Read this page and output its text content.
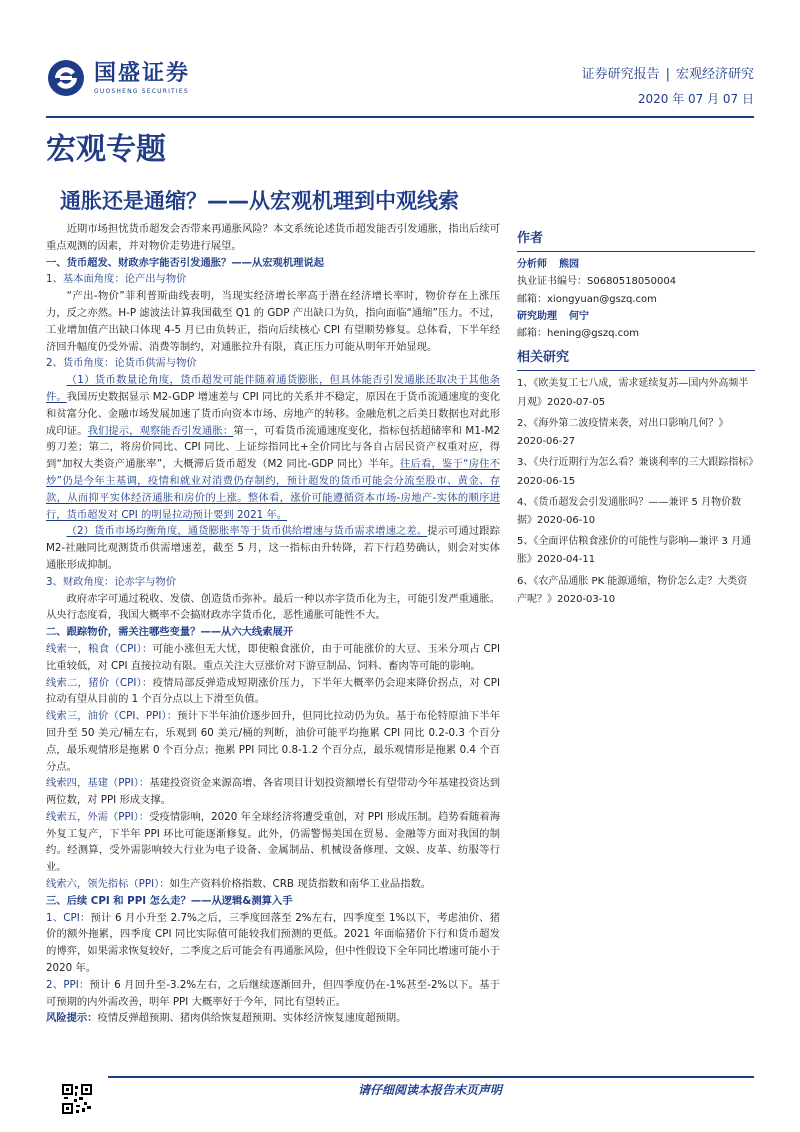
国盛证券
GUOSHENG SECURITIES
证券研究报告 | 宏观经济研究
2020 年 07 月 07 日
宏观专题
通胀还是通缩？——从宏观机理到中观线索

近期市场担忧货币超发会否带来再通胀风险？本文系统论述货币超发能否引发通胀，指出后续可重点观测的因素，并对物价走势进行展望。

一、货币超发、财政赤字能否引发通胀？——从宏观机理说起

1、基本面角度：论产出与物价

“产出-物价”菲利普斯曲线表明，当现实经济增长率高于潜在经济增长率时，物价存在上涨压力，反之亦然。H-P 滤波法计算我国截至 Q1 的 GDP 产出缺口为负，指向面临“通缩”压力。不过，工业增加值产出缺口体现 4-5 月已由负转正，指向后续核心 CPI 有望顺势修复。总体看，下半年经济回升幅度仍受外需、消费等制约，对通胀拉升有限，真正压力可能从明年开始显现。

2、货币角度：论货币供需与物价

（1）货币数量论角度，货币超发可能伴随着通货膨胀，但具体能否引发通胀还取决于其他条件。我国历史数据显示 M2-GDP 增速差与 CPI 同比的关系并不稳定，原因在于货币流通速度的变化和贫富分化、金融市场发展加速了货币向资本市场、房地产的转移。金融危机之后美日数据也对此形成印证。我们提示，观察能否引发通胀：第一，可看货币流通速度变化，指标包括超储率和 M1-M2 剪刀差；第二，将房价同比、CPI 同比、上证综指同比+全价同比与各自占居民资产权重对应，得到“加权大类资产通胀率”，大概滞后货币超发（M2 同比-GDP 同比）半年。往后看，鉴于“房住不炒”仍是今年主基调，疫情和就业对消费仍存制约，预计超发的货币可能会分流至股市、黄金、存款，从而抑平实体经济通胀和房价的上涨。整体看，涨价可能遵循资本市场-房地产-实体的顺序进行，货币超发对 CPI 的明显拉动预计要到 2021 年。

（2）货币市场均衡角度，通货膨胀率等于货币供给增速与货币需求增速之差。提示可通过跟踪 M2-社融同比观测货币供需增速差，截至 5 月，这一指标由升转降，若下行趋势确认，则会对实体通胀形成抑制。

3、财政角度：论赤字与物价

政府赤字可通过税收、发债、创造货币弥补。最后一种以赤字货币化为主，可能引发严重通胀。从央行态度看，我国大概率不会搞财政赤字货币化，恶性通胀可能性不大。

二、跟踪物价，需关注哪些变量？——从六大线索展开

线索一，粮食（CPI）：可能小涨但无大忧，即使粮食涨价，由于可能涨价的大豆、玉米分项占 CPI 比重较低，对 CPI 直接拉动有限。重点关注大豆涨价对下游豆制品、饲料、畜肉等可能的影响。

线索二，猪价（CPI）：疫情局部反弹造成短期涨价压力，下半年大概率仍会迎来降价拐点，对 CPI 拉动有望从目前的 1 个百分点以上下滑至负值。

线索三，油价（CPI、PPI）：预计下半年油价逐步回升，但同比拉动仍为负。基于布伦特原油下半年回升至 50 美元/桶左右，乐观到 60 美元/桶的判断，油价可能平均拖累 CPI 同比 0.2-0.3 个百分点，最乐观情形是拖累 0 个百分点；拖累 PPI 同比 0.8-1.2 个百分点，最乐观情形是拖累 0.4 个百分点。

线索四，基建（PPI）：基建投资资金来源高增、各省项目计划投资额增长有望带动今年基建投资达到两位数，对 PPI 形成支撑。

线索五，外需（PPI）：受疫情影响，2020 年全球经济将遭受重创，对 PPI 形成压制。趋势看随着海外复工复产，下半年 PPI 环比可能逐渐修复。此外，仍需警惕美国在贸易、金融等方面对我国的制约。经测算，受外需影响较大行业为电子设备、金属制品、机械设备修理、文娱、皮革、纺服等行业。

线索六，领先指标（PPI）：如生产资料价格指数、CRB 现货指数和南华工业品指数。

三、后续 CPI 和 PPI 怎么走？——从逻辑&测算入手

1、CPI：预计 6 月小升至 2.7%之后，三季度回落至 2%左右，四季度至 1%以下，考虑油价、猪价的额外拖累，四季度 CPI 同比实际值可能较我们预测的更低。2021 年面临猪价下行和货币超发的博弈，如果需求恢复较好，二季度之后可能会有再通胀风险，但中性假设下全年同比增速可能小于 2020 年。

2、PPI：预计 6 月回升至-3.2%左右，之后继续逐渐回升，但四季度仍在-1%甚至-2%以下。基于可预期的内外需改善，明年 PPI 大概率好于今年，同比有望转正。

风险提示：疫情反弹超预期、猪肉供给恢复超预期、实体经济恢复速度超预期。

作者
分析师 熊园
执业证书编号：S0680518050004
邮箱：xiongyuan@gszq.com
研究助理 何宁
邮箱：hening@gszq.com
相关研究
1、《欧美复工七八成，需求延续复苏—国内外高频半月观》2020-07-05
2、《海外第二波疫情来袭，对出口影响几何？》2020-06-27
3、《央行近期行为怎么看？兼谈利率的三大跟踪指标》2020-06-15
4、《货币超发会引发通胀吗？——兼评 5 月物价数据》2020-06-10
5、《全面评估粮食涨价的可能性与影响—兼评 3 月通胀》2020-04-11
6、《农产品通胀 PK 能源通缩，物价怎么走？大类资产呢？》2020-03-10
请仔细阅读本报告末页声明
